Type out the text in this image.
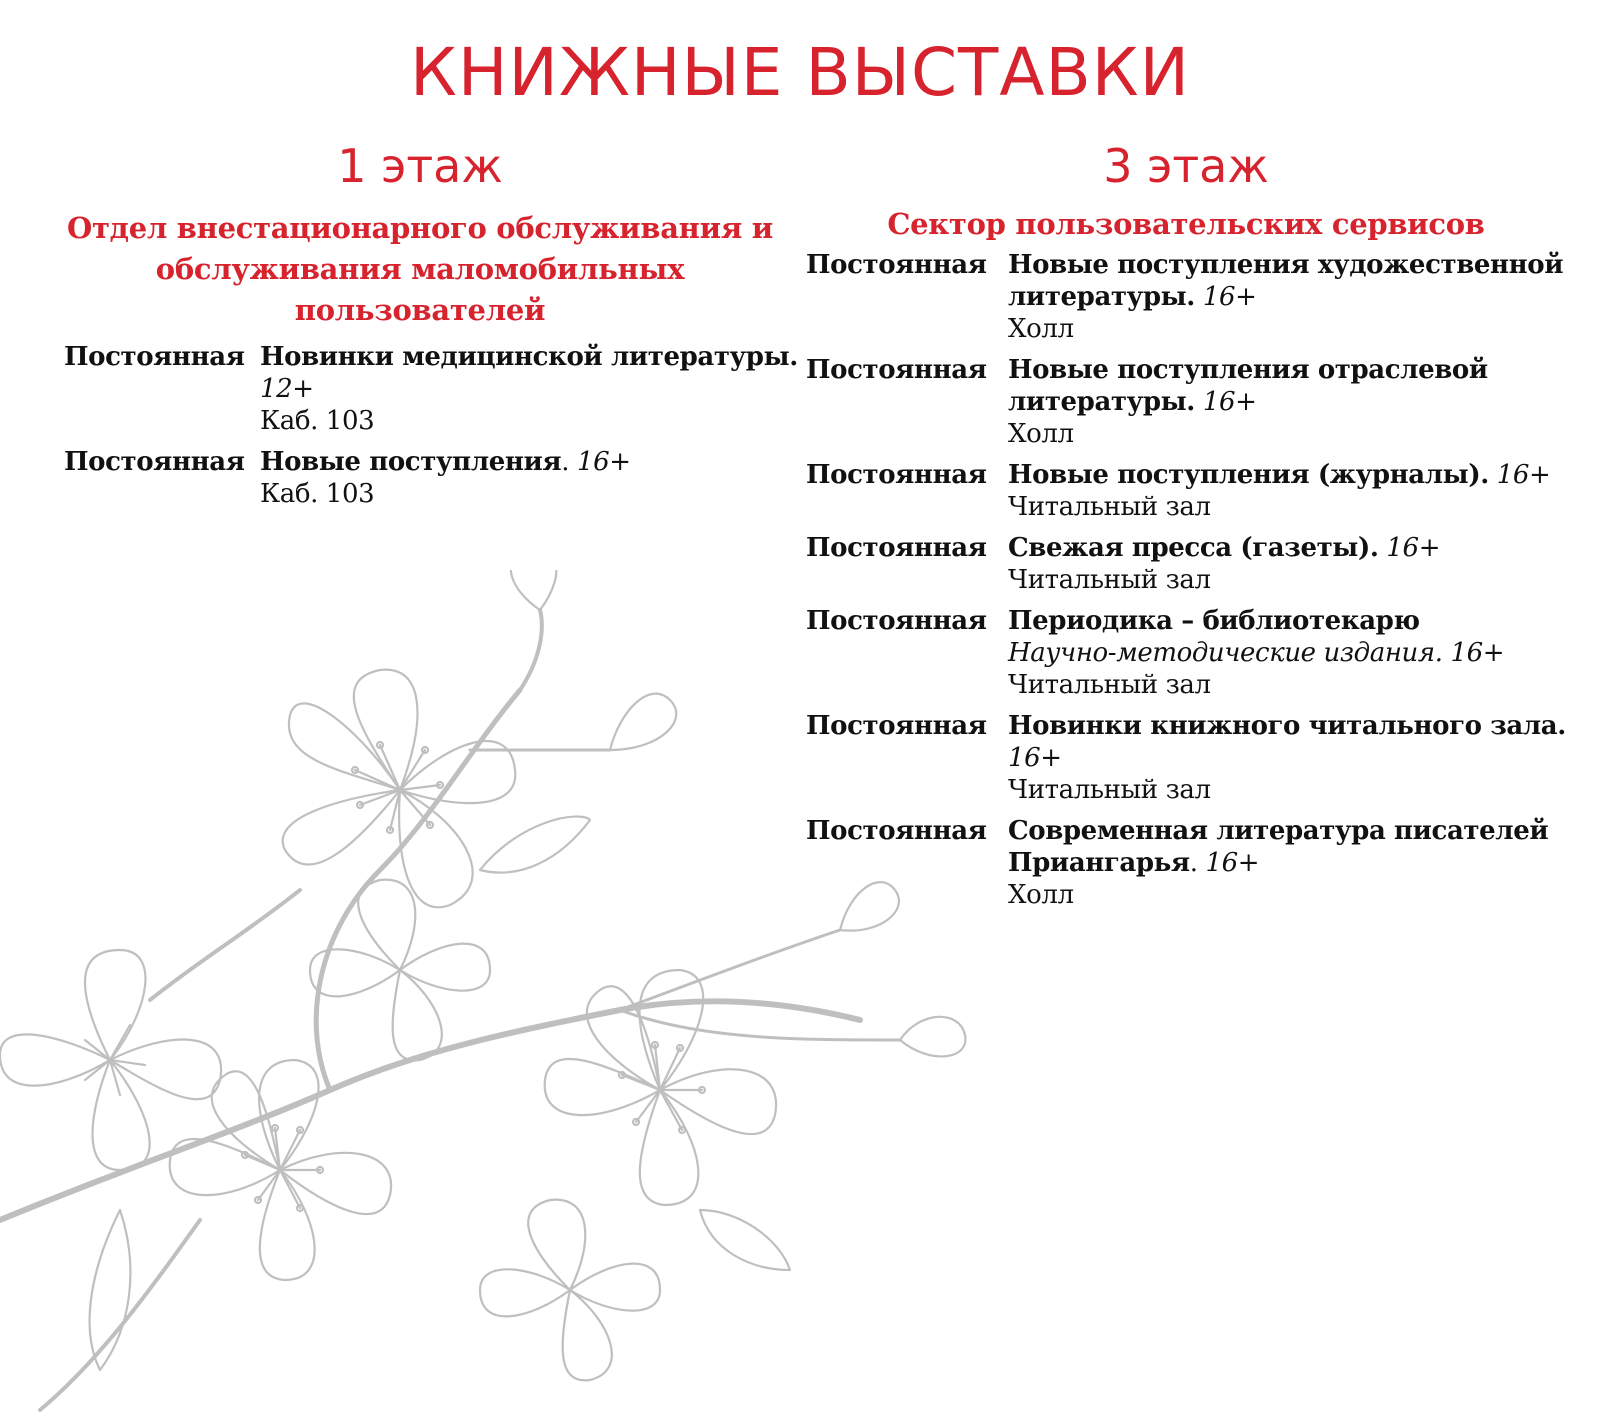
КНИЖНЫЕ ВЫСТАВКИ
1 этаж
Отдел внестационарного обслуживания и обслуживания маломобильных пользователей
Постоянная Новинки медицинской литературы.
12+
Каб. 103
Постоянная Новые поступления. 16+
Каб. 103
3 этаж
Сектор пользовательских сервисов
Постоянная Новые поступления художественной литературы. 16+
Холл
Постоянная Новые поступления отраслевой литературы. 16+
Холл
Постоянная Новые поступления (журналы). 16+
Читальный зал
Постоянная Свежая пресса (газеты). 16+
Читальный зал
Постоянная Периодика – библиотекарю
Научно-методические издания. 16+
Читальный зал
Постоянная Новинки книжного читального зала.
16+
Читальный зал
Постоянная Современная литература писателей Приангарья. 16+
Холл
